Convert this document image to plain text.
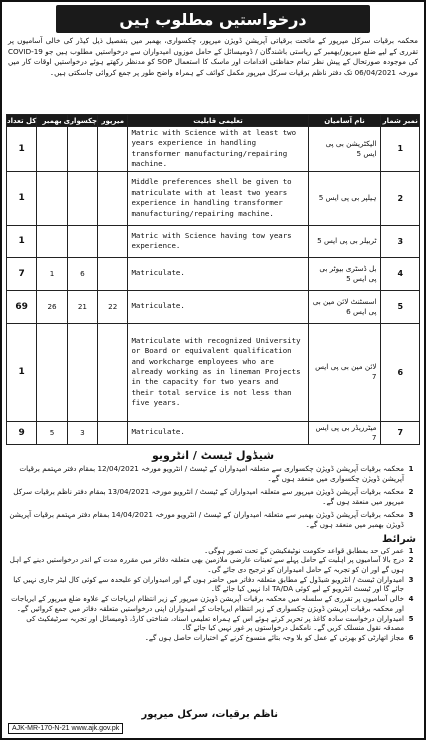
درخواستیں مطلوب ہیں
محکمہ برقیات سرکل میرپور کے ماتحت برقیاتی آپریشن ڈویژن میرپور، چکسواری، بھمبر میں بتفصیل ذیل کیڈر کی خالی آسامیوں پر تقرری کے لیے ضلع میرپور/بھمبر کے ریاستی باشندگان / ڈومیسائل کے حامل موزوں امیدواران سے درخواستیں مطلوب ہیں جو COVID-19 کی موجودہ صورتحال کے پیش نظر تمام حفاظتی اقدامات اور ماسک کا استعمال SOP کو مدنظر رکھتے ہوئے درخواستیں اوقات کار میں مورخہ 06/04/2021 تک دفتر ناظم برقیات سرکل میرپور مکمل کوائف کے ہمراہ واضح طور پر جمع کروائی جاسکتی ہیں۔
کل تعداد	بھمبر	چکسواری	میرپور	تعلیمی قابلیت	نام آسامیان	نمبر شمار
1				Matric with Science with at least two years experience in handling transformer manufacturing/repairing machine.	الیکٹریشن بی پی ایس 5	1
1				Middle preferences shell be given to matriculate with at least two years experience in handling transformer manufacturing/repairing machine.	ہیلپر بی پی ایس 5	2
1				Matric with Science having tow years experience.	ٹربیلر بی پی ایس 5	3
7	1	6		Matriculate.	بل ڈسٹری بیوٹر بی پی ایس 5	4
69	26	21	22	Matriculate.	اسسٹنٹ لائن مین بی پی ایس 6	5
1				Matriculate with recognized University or Board or equivalent qualification and workcharge employees who are already working as in lineman Projects in the capacity for two years and their total service is not less than five years.	لائن مین بی پی ایس 7	6
9	5	3		Matriculate.	میٹرریڈر بی پی ایس 7	7
شیڈول ٹیسٹ / انٹرویو
1
محکمہ برقیات آپریشن ڈویژن چکسواری سے متعلقہ امیدواران کے ٹیسٹ / انٹرویو مورخہ 12/04/2021 بمقام دفتر مہتمم برقیات آپریشن ڈویژن چکسواری میں منعقد ہوں گے۔
2
محکمہ برقیات آپریشن ڈویژن میرپور سے متعلقہ امیدواران کے ٹیسٹ / انٹرویو مورخہ 13/04/2021 بمقام دفتر ناظم برقیات سرکل میرپور میں منعقد ہوں گے۔
3
محکمہ برقیات آپریشن ڈویژن بھمبر سے متعلقہ امیدواران کے ٹیسٹ / انٹرویو مورخہ 14/04/2021 بمقام دفتر مہتمم برقیات آپریشن ڈویژن بھمبر میں منعقد ہوں گے۔
شرائط
1
عمر کی حد بمطابق قواعد حکومت نوٹیفکیشن کے تحت تصور ہوگی۔
2
درج بالا آسامیوں پر اہلیت کے حامل پہلے سے تعینات عارضی ملازمین بھی متعلقہ دفاتر میں مقررہ مدت کے اندر درخواستیں دینے کے اہل ہوں گے اور ان کو تجربہ کے حامل امیدواران کو ترجیح دی جائے گی۔
3
امیدواران ٹیسٹ / انٹرویو شیڈول کے مطابق متعلقہ دفاتر میں حاضر ہوں گے اور امیدواران کو علیحدہ سے کوئی کال لیٹر جاری نہیں کیا جائے گا اور ٹیسٹ انٹرویو کے لیے کوئی TA/DA ادا نہیں کیا جائے گا۔
4
خالی آسامیوں پر تقرری کے سلسلہ میں محکمہ برقیات آپریشن ڈویژن میرپور کے زیر انتظام ایریاجات کے علاوہ ضلع میرپور کے ایریاجات اور محکمہ برقیات آپریشن ڈویژن چکسواری کے زیر انتظام ایریاجات کے امیدواران اپنی درخواستیں متعلقہ دفاتر میں جمع کروائیں گے۔
5
امیدواران درخواست سادہ کاغذ پر تحریر کرتے ہوئے اس کے ہمراہ تعلیمی اسناد، شناختی کارڈ، ڈومیسائل اور تجربہ سرٹیفکیٹ کی مصدقہ نقول منسلک کریں گے۔ نامکمل درخواستوں پر غور نہیں کیا جائے گا۔
6
مجاز اتھارٹی کو بھرتی کے عمل کو بلا وجہ بتائے منسوخ کرنے کے اختیارات حاصل ہوں گے۔
ناظم برقیات، سرکل میرپور
AJK-MR-170-N-21 www.ajk.gov.pk
